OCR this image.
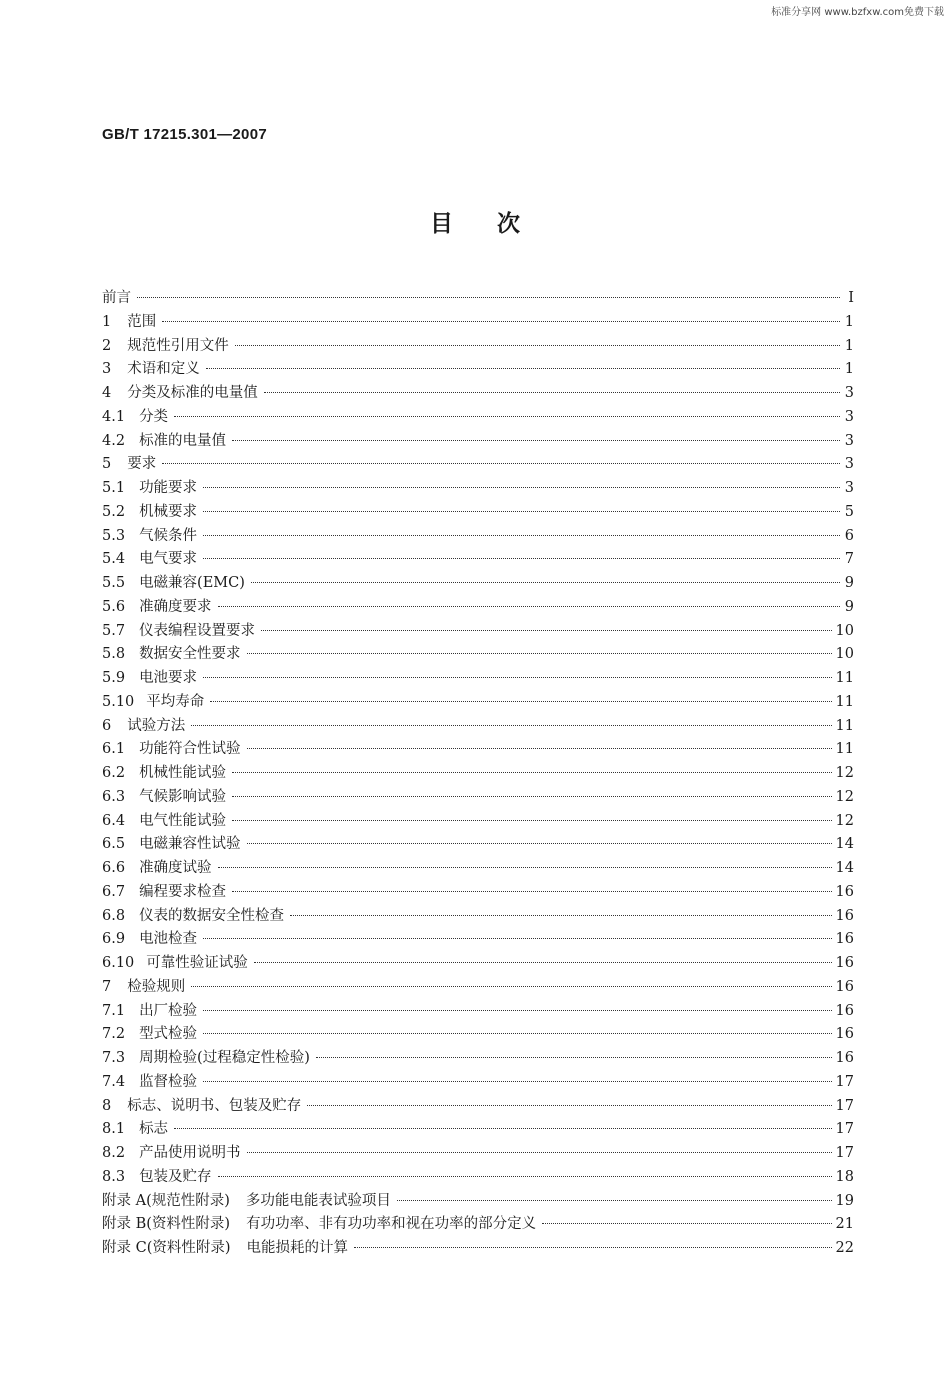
标准分享网 www.bzfxw.com免费下载
GB/T 17215.301—2007
目次
前言	I
1 范围	1
2 规范性引用文件	1
3 术语和定义	1
4 分类及标准的电量值	3
4.1 分类	3
4.2 标准的电量值	3
5 要求	3
5.1 功能要求	3
5.2 机械要求	5
5.3 气候条件	6
5.4 电气要求	7
5.5 电磁兼容(EMC)	9
5.6 准确度要求	9
5.7 仪表编程设置要求	10
5.8 数据安全性要求	10
5.9 电池要求	11
5.10 平均寿命	11
6 试验方法	11
6.1 功能符合性试验	11
6.2 机械性能试验	12
6.3 气候影响试验	12
6.4 电气性能试验	12
6.5 电磁兼容性试验	14
6.6 准确度试验	14
6.7 编程要求检查	16
6.8 仪表的数据安全性检查	16
6.9 电池检查	16
6.10 可靠性验证试验	16
7 检验规则	16
7.1 出厂检验	16
7.2 型式检验	16
7.3 周期检验(过程稳定性检验)	16
7.4 监督检验	17
8 标志、说明书、包装及贮存	17
8.1 标志	17
8.2 产品使用说明书	17
8.3 包装及贮存	18
附录 A(规范性附录) 多功能电能表试验项目	19
附录 B(资料性附录) 有功功率、非有功功率和视在功率的部分定义	21
附录 C(资料性附录) 电能损耗的计算	22
